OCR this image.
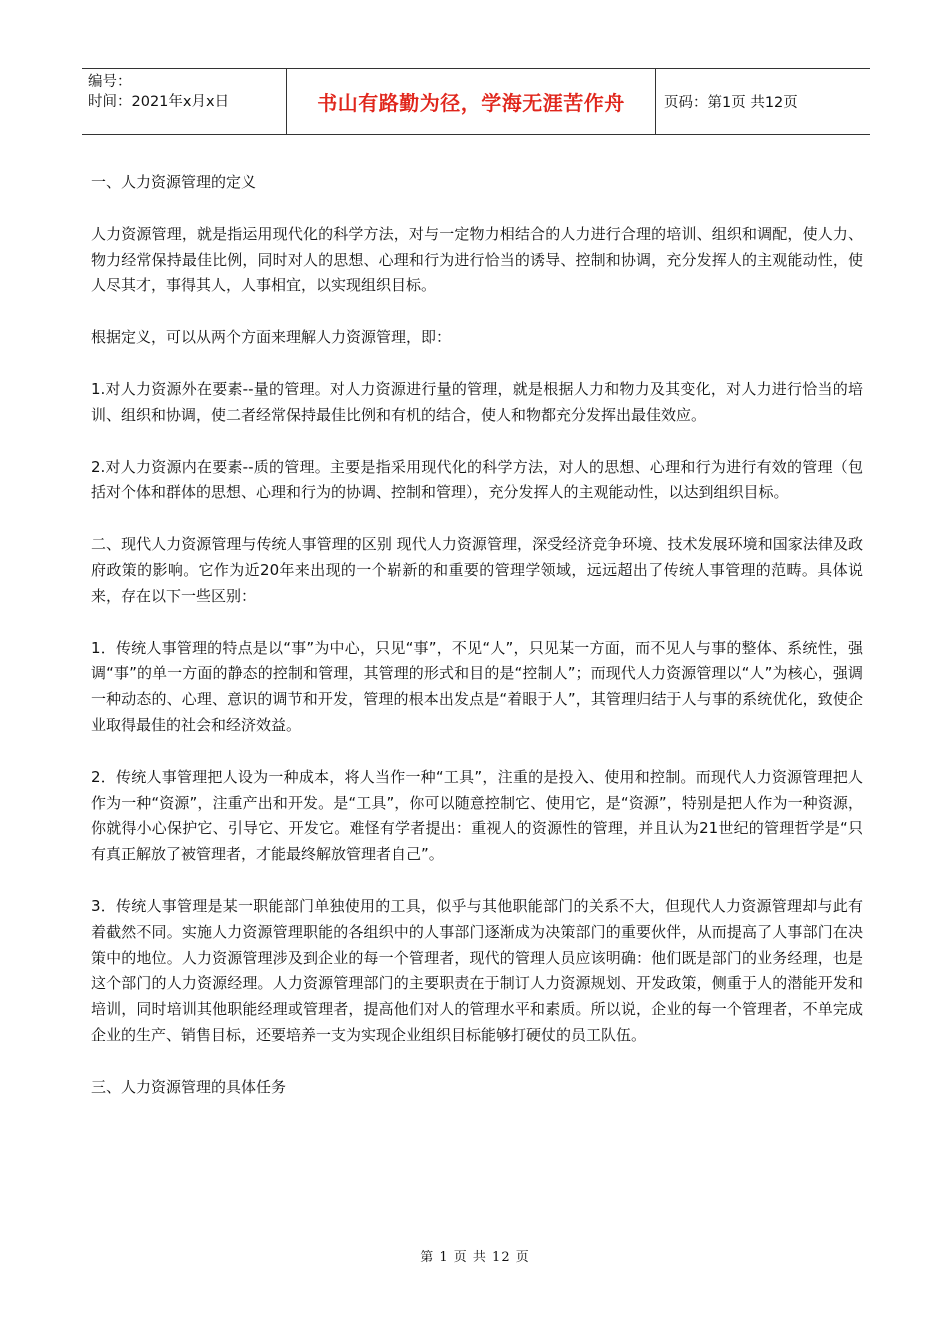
编号：
时间：2021年x月x日	书山有路勤为径，学海无涯苦作舟	页码：第1页 共12页

一、人力资源管理的定义

人力资源管理，就是指运用现代化的科学方法，对与一定物力相结合的人力进行合理的培训、组织和调配，使人力、物力经常保持最佳比例，同时对人的思想、心理和行为进行恰当的诱导、控制和协调，充分发挥人的主观能动性，使人尽其才，事得其人，人事相宜，以实现组织目标。

根据定义，可以从两个方面来理解人力资源管理，即：

1.对人力资源外在要素--量的管理。对人力资源进行量的管理，就是根据人力和物力及其变化，对人力进行恰当的培训、组织和协调，使二者经常保持最佳比例和有机的结合，使人和物都充分发挥出最佳效应。

2.对人力资源内在要素--质的管理。主要是指采用现代化的科学方法，对人的思想、心理和行为进行有效的管理（包括对个体和群体的思想、心理和行为的协调、控制和管理），充分发挥人的主观能动性，以达到组织目标。

二、现代人力资源管理与传统人事管理的区别 现代人力资源管理，深受经济竞争环境、技术发展环境和国家法律及政府政策的影响。它作为近20年来出现的一个崭新的和重要的管理学领域，远远超出了传统人事管理的范畴。具体说来，存在以下一些区别：

1．传统人事管理的特点是以“事”为中心，只见“事”，不见“人”，只见某一方面，而不见人与事的整体、系统性，强调“事”的单一方面的静态的控制和管理，其管理的形式和目的是“控制人”；而现代人力资源管理以“人”为核心，强调一种动态的、心理、意识的调节和开发，管理的根本出发点是“着眼于人”，其管理归结于人与事的系统优化，致使企业取得最佳的社会和经济效益。

2．传统人事管理把人设为一种成本，将人当作一种“工具”，注重的是投入、使用和控制。而现代人力资源管理把人作为一种“资源”，注重产出和开发。是“工具”，你可以随意控制它、使用它，是“资源”，特别是把人作为一种资源，你就得小心保护它、引导它、开发它。难怪有学者提出：重视人的资源性的管理，并且认为21世纪的管理哲学是“只有真正解放了被管理者，才能最终解放管理者自己”。

3．传统人事管理是某一职能部门单独使用的工具，似乎与其他职能部门的关系不大，但现代人力资源管理却与此有着截然不同。实施人力资源管理职能的各组织中的人事部门逐渐成为决策部门的重要伙伴，从而提高了人事部门在决策中的地位。人力资源管理涉及到企业的每一个管理者，现代的管理人员应该明确：他们既是部门的业务经理，也是这个部门的人力资源经理。人力资源管理部门的主要职责在于制订人力资源规划、开发政策，侧重于人的潜能开发和培训，同时培训其他职能经理或管理者，提高他们对人的管理水平和素质。所以说，企业的每一个管理者，不单完成企业的生产、销售目标，还要培养一支为实现企业组织目标能够打硬仗的员工队伍。

三、人力资源管理的具体任务

第 1 页 共 12 页
